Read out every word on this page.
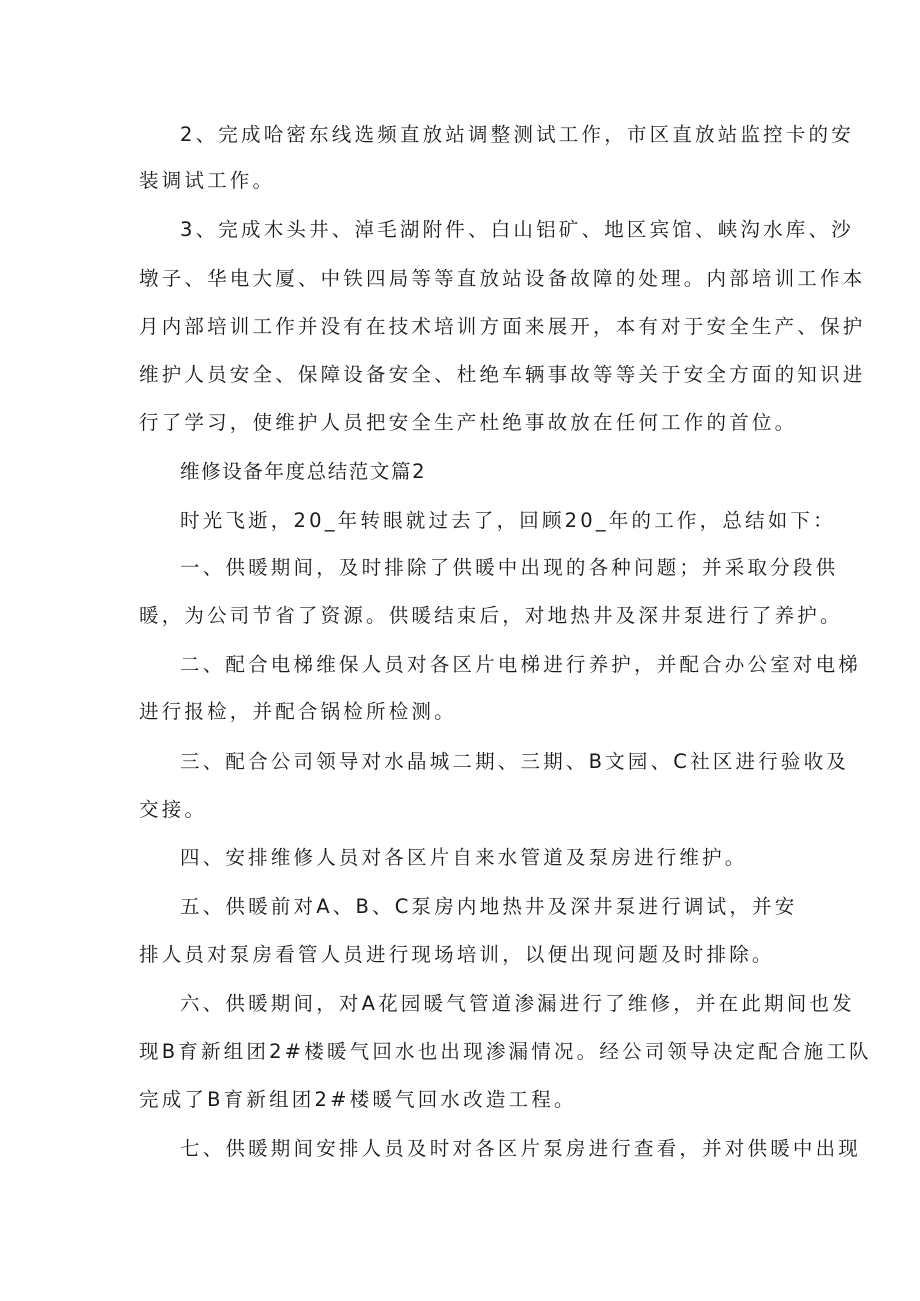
2、完成哈密东线选频直放站调整测试工作，市区直放站监控卡的安
装调试工作。
3、完成木头井、淖毛湖附件、白山铝矿、地区宾馆、峡沟水库、沙
墩子、华电大厦、中铁四局等等直放站设备故障的处理。内部培训工作本
月内部培训工作并没有在技术培训方面来展开，本有对于安全生产、保护
维护人员安全、保障设备安全、杜绝车辆事故等等关于安全方面的知识进
行了学习，使维护人员把安全生产杜绝事故放在任何工作的首位。
维修设备年度总结范文篇2
时光飞逝，20_年转眼就过去了，回顾20_年的工作，总结如下：
一、供暖期间，及时排除了供暖中出现的各种问题；并采取分段供
暖，为公司节省了资源。供暖结束后，对地热井及深井泵进行了养护。
二、配合电梯维保人员对各区片电梯进行养护，并配合办公室对电梯
进行报检，并配合锅检所检测。
三、配合公司领导对水晶城二期、三期、B文园、C社区进行验收及
交接。
四、安排维修人员对各区片自来水管道及泵房进行维护。
五、供暖前对A、B、C泵房内地热井及深井泵进行调试，并安
排人员对泵房看管人员进行现场培训，以便出现问题及时排除。
六、供暖期间，对A花园暖气管道渗漏进行了维修，并在此期间也发
现B育新组团2#楼暖气回水也出现渗漏情况。经公司领导决定配合施工队
完成了B育新组团2#楼暖气回水改造工程。
七、供暖期间安排人员及时对各区片泵房进行查看，并对供暖中出现
